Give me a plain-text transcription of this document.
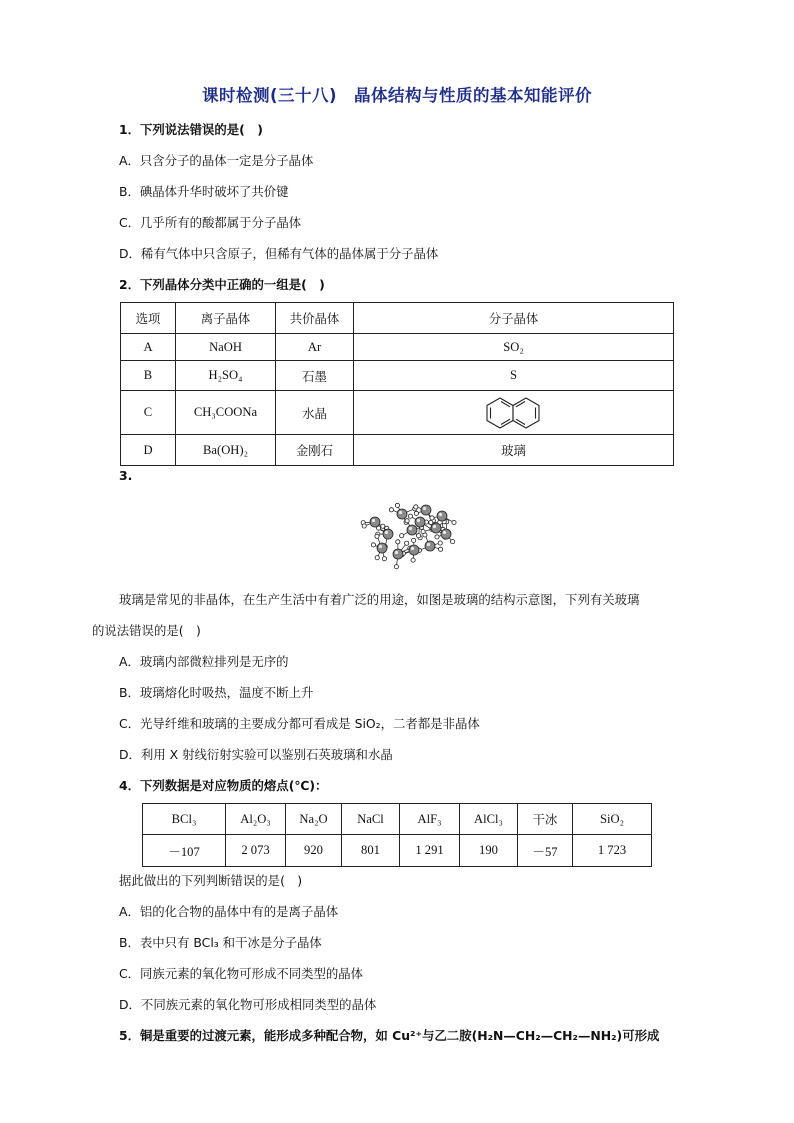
课时检测(三十八)　晶体结构与性质的基本知能评价
1．下列说法错误的是(　)
A．只含分子的晶体一定是分子晶体
B．碘晶体升华时破坏了共价键
C．几乎所有的酸都属于分子晶体
D．稀有气体中只含原子，但稀有气体的晶体属于分子晶体
2．下列晶体分类中正确的一组是(　)
选项	离子晶体	共价晶体	分子晶体
A	NaOH	Ar	SO₂
B	H₂SO₄	石墨	S
C	CH₃COONa	水晶	

D	Ba(OH)₂	金刚石	玻璃
3.
玻璃是常见的非晶体，在生产生活中有着广泛的用途，如图是玻璃的结构示意图，下列有关玻璃
的说法错误的是(　)
A．玻璃内部微粒排列是无序的
B．玻璃熔化时吸热，温度不断上升
C．光导纤维和玻璃的主要成分都可看成是 SiO₂，二者都是非晶体
D．利用 X 射线衍射实验可以鉴别石英玻璃和水晶
4．下列数据是对应物质的熔点(℃)：
BCl₃	Al₂O₃	Na₂O	NaCl	AlF₃	AlCl₃	干冰	SiO₂
－107	2 073	920	801	1 291	190	－57	1 723
据此做出的下列判断错误的是(　)
A．铝的化合物的晶体中有的是离子晶体
B．表中只有 BCl₃ 和干冰是分子晶体
C．同族元素的氧化物可形成不同类型的晶体
D．不同族元素的氧化物可形成相同类型的晶体
5．铜是重要的过渡元素，能形成多种配合物，如 Cu²⁺与乙二胺(H₂N—CH₂—CH₂—NH₂)可形成
